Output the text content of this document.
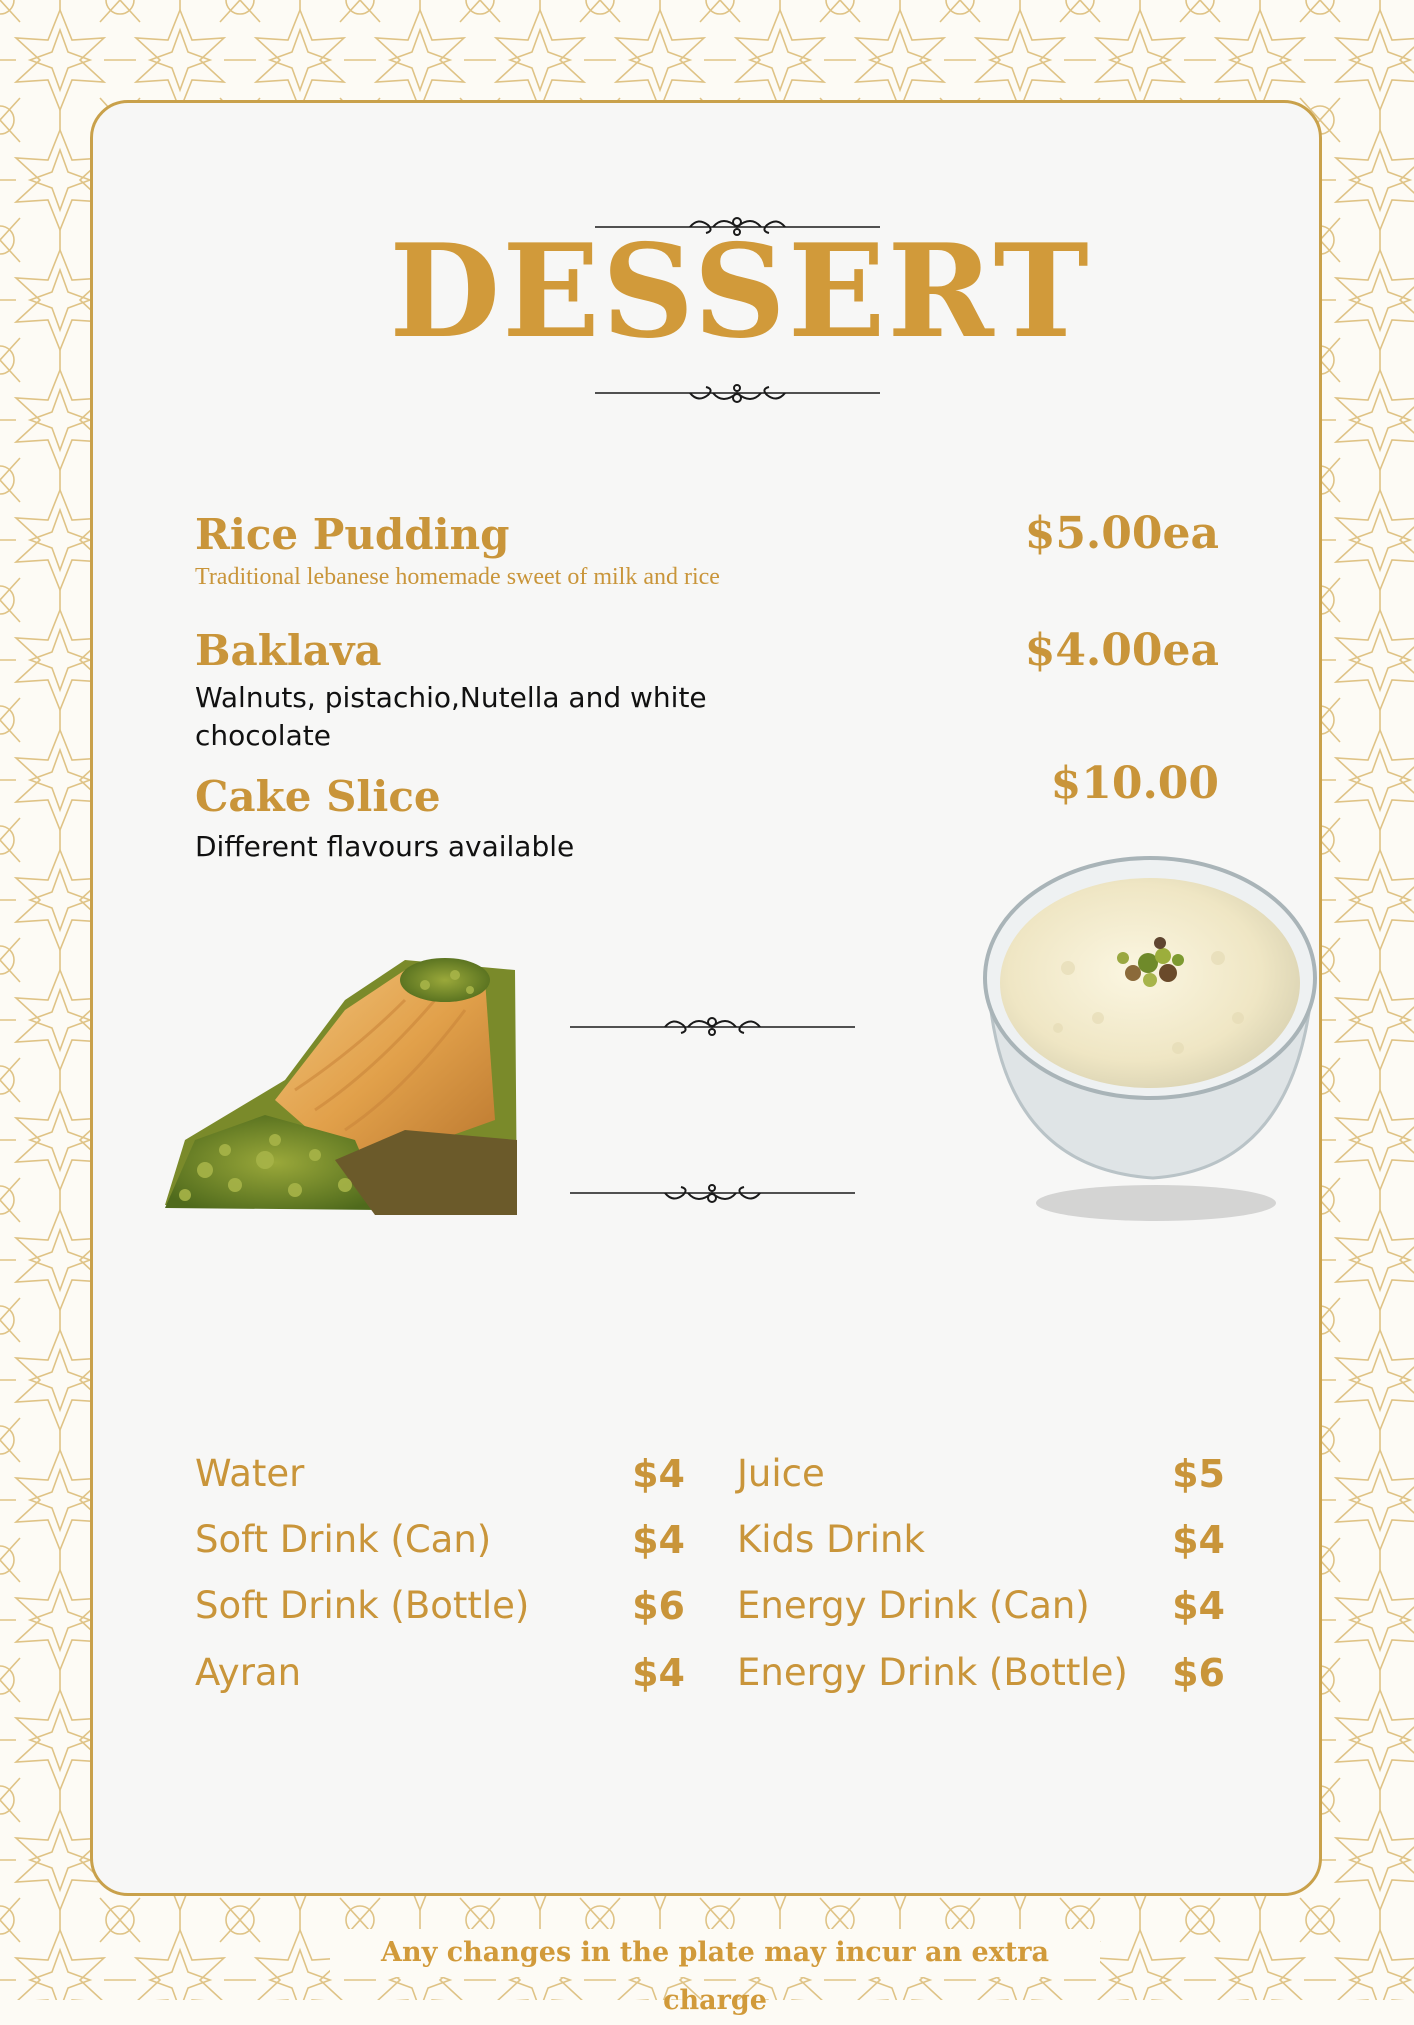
DESSERT
Rice Pudding	$5.00ea
Traditional lebanese homemade sweet of milk and rice
Baklava	$4.00ea
Walnuts, pistachio,Nutella and white chocolate
Cake Slice	$10.00
Different flavours available
Water	$4
Soft Drink (Can)	$4
Soft Drink (Bottle)	$6
Ayran	$4
Juice	$5
Kids Drink	$4
Energy Drink (Can)	$4
Energy Drink (Bottle)	$6
Any changes in the plate may incur an extra charge
